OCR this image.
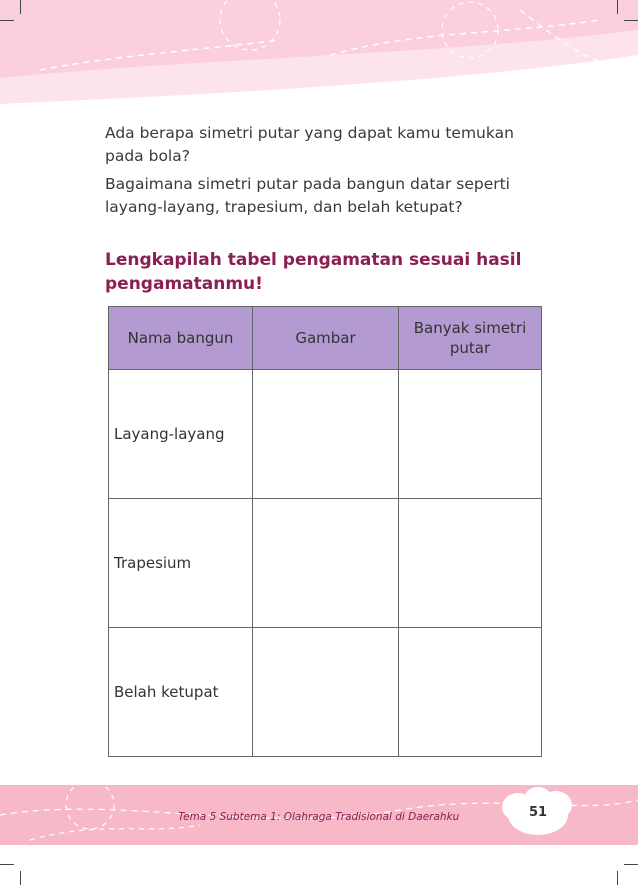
Ada berapa simetri putar yang dapat kamu temukan pada bola?

Bagaimana simetri putar pada bangun datar seperti layang-layang, trapesium, dan belah ketupat?

Lengkapilah tabel pengamatan sesuai hasil pengamatanmu!
Nama bangun	Gambar	Banyak simetri putar
Layang-layang		
Trapesium		
Belah ketupat		
Tema 5 Subtema 1: Olahraga Tradisional di Daerahku	51
